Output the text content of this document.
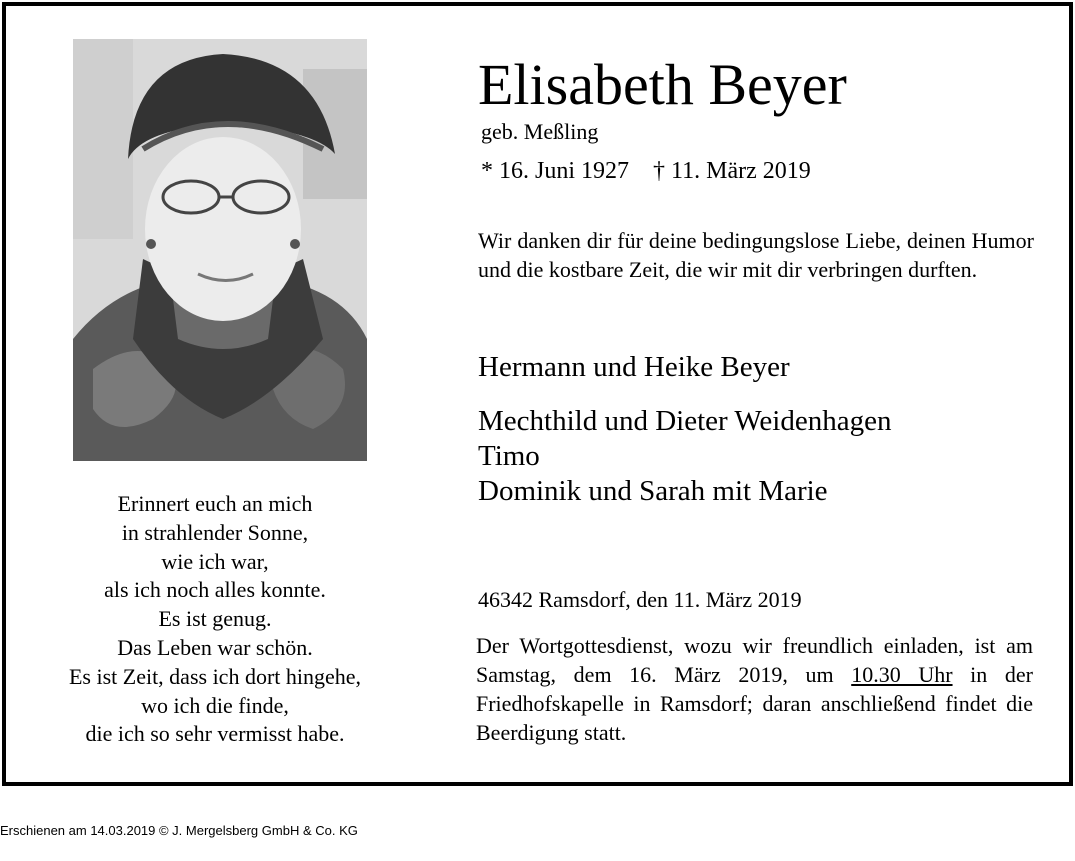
Erinnert euch an mich
in strahlender Sonne,
wie ich war,
als ich noch alles konnte.
Es ist genug.
Das Leben war schön.
Es ist Zeit, dass ich dort hingehe,
wo ich die finde,
die ich so sehr vermisst habe.
Elisabeth Beyer
geb. Meßling
* 16. Juni 1927 † 11. März 2019
Wir danken dir für deine bedingungslose Liebe, deinen Humor und die kostbare Zeit, die wir mit dir verbringen durften.
Hermann und Heike Beyer
Mechthild und Dieter Weidenhagen
Timo
Dominik und Sarah mit Marie
46342 Ramsdorf, den 11. März 2019
Der Wortgottesdienst, wozu wir freundlich einladen, ist am Samstag, dem 16. März 2019, um 10.30 Uhr in der Friedhofskapelle in Ramsdorf; daran anschließend findet die Beerdigung statt.
Erschienen am 14.03.2019 © J. Mergelsberg GmbH & Co. KG
